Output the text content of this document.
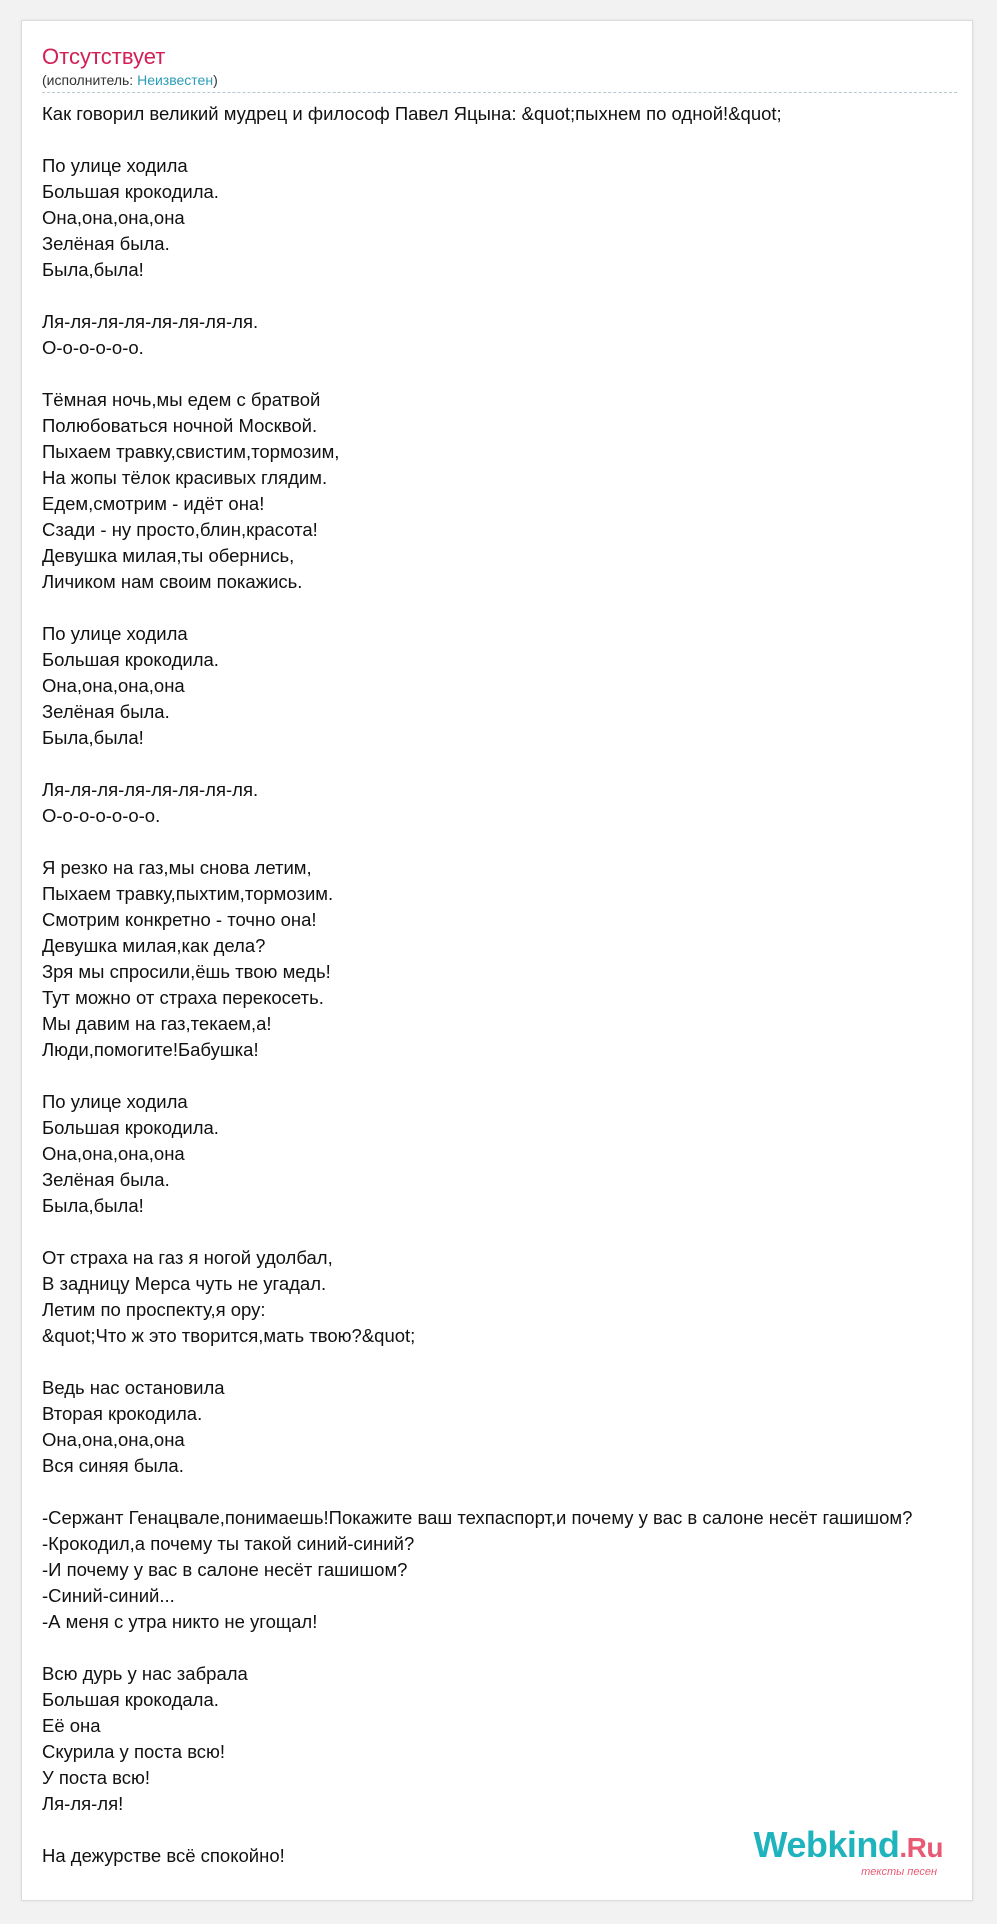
Отсутствует
(исполнитель: Неизвестен)
Как говорил великий мудрец и философ Павел Яцына: &quot;пыхнем по одной!&quot;
По улице ходила
Большая крокодила.
Она,она,она,она
Зелёная была.
Была,была!
Ля-ля-ля-ля-ля-ля-ля-ля.
О-о-о-о-о-о.
Тёмная ночь,мы едем с братвой
Полюбоваться ночной Москвой.
Пыхаем травку,свистим,тормозим,
На жопы тёлок красивых глядим.
Едем,смотрим - идёт она!
Сзади - ну просто,блин,красота!
Девушка милая,ты обернись,
Личиком нам своим покажись.
По улице ходила
Большая крокодила.
Она,она,она,она
Зелёная была.
Была,была!
Ля-ля-ля-ля-ля-ля-ля-ля.
О-о-о-о-о-о-о.
Я резко на газ,мы снова летим,
Пыхаем травку,пыхтим,тормозим.
Смотрим конкретно - точно она!
Девушка милая,как дела?
Зря мы спросили,ёшь твою медь!
Тут можно от страха перекосеть.
Мы давим на газ,текаем,а!
Люди,помогите!Бабушка!
По улице ходила
Большая крокодила.
Она,она,она,она
Зелёная была.
Была,была!
От страха на газ я ногой удолбал,
В задницу Мерса чуть не угадал.
Летим по проспекту,я ору:
&quot;Что ж это творится,мать твою?&quot;
Ведь нас остановила
Вторая крокодила.
Она,она,она,она
Вся синяя была.
-Сержант Генацвале,понимаешь!Покажите ваш техпаспорт,и почему у вас в салоне несёт гашишом?
-Крокодил,а почему ты такой синий-синий?
-И почему у вас в салоне несёт гашишом?
-Синий-синий...
-А меня с утра никто не угощал!
Всю дурь у нас забрала
Большая крокодала.
Её она
Скурила у поста всю!
У поста всю!
Ля-ля-ля!
На дежурстве всё спокойно!	Webkind.Ru
тексты песен
